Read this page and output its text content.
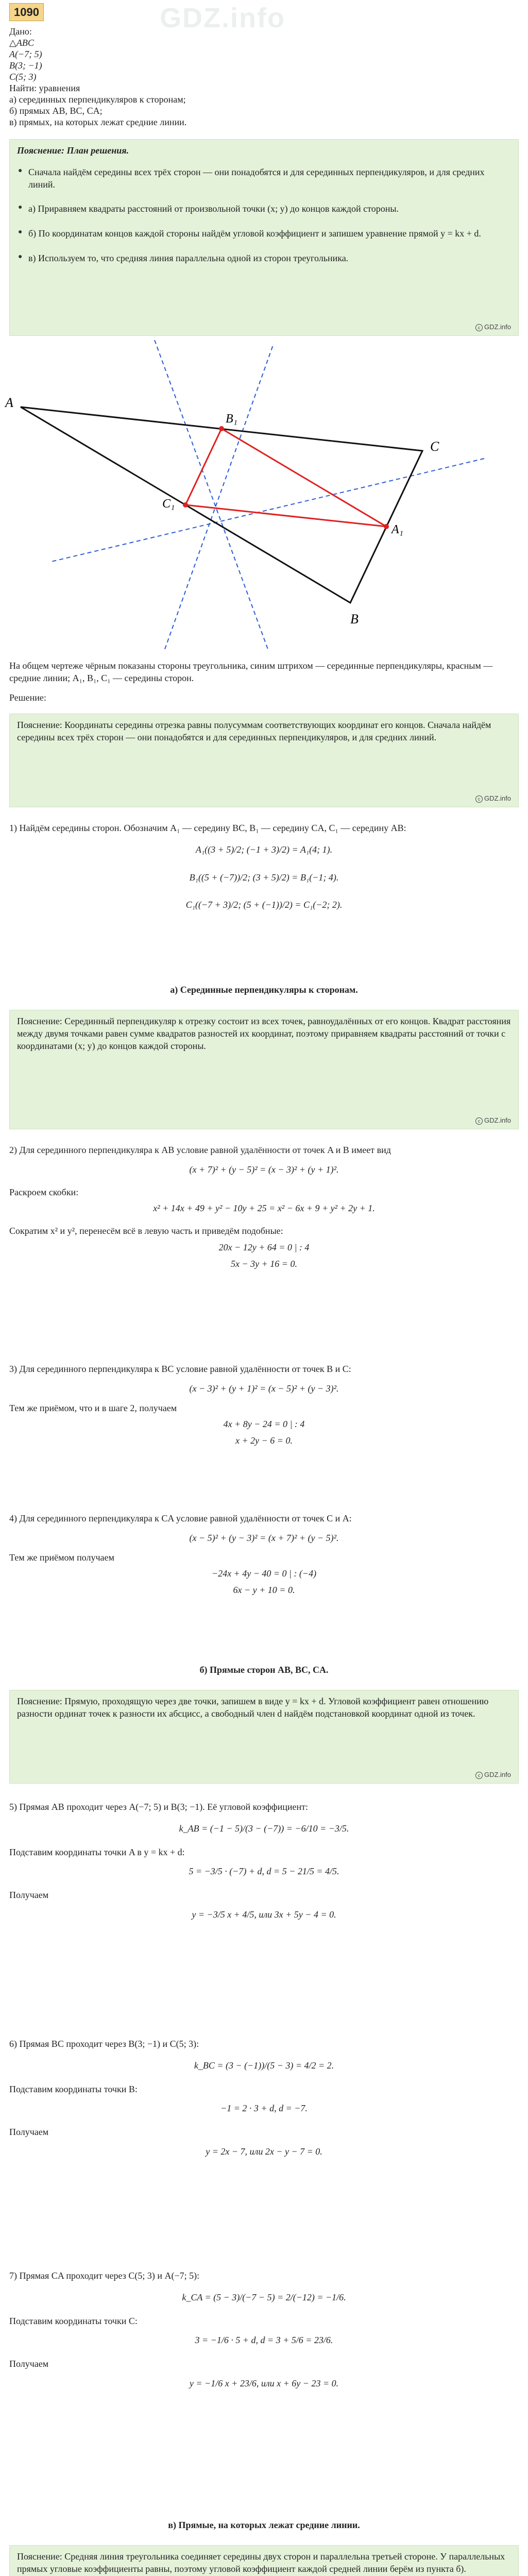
1090	GDZ.info
Дано:
△ABC
A(−7; 5)
B(3; −1)
C(5; 3)
Найти: уравнения
а) серединных перпендикуляров к сторонам;
б) прямых AB, BC, CA;
в) прямых, на которых лежат средние линии.
Пояснение: План решения.
● Сначала найдём середины всех трёх сторон — они понадобятся и для серединных перпендикуляров, и для средних линий.
● а) Приравняем квадраты расстояний от произвольной точки (x; y) до концов каждой стороны.
● б) По координатам концов каждой стороны найдём угловой коэффициент и запишем уравнение прямой y = kx + d.
● в) Используем то, что средняя линия параллельна одной из сторон треугольника.
c GDZ.info
A
C
B
B₁
C₁
A₁
На общем чертеже чёрным показаны стороны треугольника, синим штрихом — серединные перпендикуляры, красным — средние линии; A₁, B₁, C₁ — середины сторон.
Решение:
Пояснение: Координаты середины отрезка равны полусуммам соответствующих координат его концов. Сначала найдём середины всех трёх сторон — они понадобятся и для серединных перпендикуляров, и для средних линий.
c GDZ.info
1) Найдём середины сторон. Обозначим A₁ — середину BC, B₁ — середину CA, C₁ — середину AB:
A₁((3 + 5)/2; (−1 + 3)/2) = A₁(4; 1).
B₁((5 + (−7))/2; (3 + 5)/2) = B₁(−1; 4).
C₁((−7 + 3)/2; (5 + (−1))/2) = C₁(−2; 2).
а) Серединные перпендикуляры к сторонам.
Пояснение: Серединный перпендикуляр к отрезку состоит из всех точек, равноудалённых от его концов. Квадрат расстояния между двумя точками равен сумме квадратов разностей их координат, поэтому приравняем квадраты расстояний от точки с координатами (x; y) до концов каждой стороны.
c GDZ.info
2) Для серединного перпендикуляра к AB условие равной удалённости от точек A и B имеет вид
(x + 7)² + (y − 5)² = (x − 3)² + (y + 1)².
Раскроем скобки:
x² + 14x + 49 + y² − 10y + 25 = x² − 6x + 9 + y² + 2y + 1.
Сократим x² и y², перенесём всё в левую часть и приведём подобные:
20x − 12y + 64 = 0 | : 4
5x − 3y + 16 = 0.
3) Для серединного перпендикуляра к BC условие равной удалённости от точек B и C:
(x − 3)² + (y + 1)² = (x − 5)² + (y − 3)².
Тем же приёмом, что и в шаге 2, получаем
4x + 8y − 24 = 0 | : 4
x + 2y − 6 = 0.
4) Для серединного перпендикуляра к CA условие равной удалённости от точек C и A:
(x − 5)² + (y − 3)² = (x + 7)² + (y − 5)².
Тем же приёмом получаем
−24x + 4y − 40 = 0 | : (−4)
6x − y + 10 = 0.
б) Прямые сторон AB, BC, CA.
Пояснение: Прямую, проходящую через две точки, запишем в виде y = kx + d. Угловой коэффициент равен отношению разности ординат точек к разности их абсцисс, а свободный член d найдём подстановкой координат одной из точек.
c GDZ.info
5) Прямая AB проходит через A(−7; 5) и B(3; −1). Её угловой коэффициент:
k_AB = (−1 − 5)/(3 − (−7)) = −6/10 = −3/5.
Подставим координаты точки A в y = kx + d:
5 = −3/5 · (−7) + d, d = 5 − 21/5 = 4/5.
Получаем
y = −3/5 x + 4/5, или 3x + 5y − 4 = 0.
6) Прямая BC проходит через B(3; −1) и C(5; 3):
k_BC = (3 − (−1))/(5 − 3) = 4/2 = 2.
Подставим координаты точки B:
−1 = 2 · 3 + d, d = −7.
Получаем
y = 2x − 7, или 2x − y − 7 = 0.
7) Прямая CA проходит через C(5; 3) и A(−7; 5):
k_CA = (5 − 3)/(−7 − 5) = 2/(−12) = −1/6.
Подставим координаты точки C:
3 = −1/6 · 5 + d, d = 3 + 5/6 = 23/6.
Получаем
y = −1/6 x + 23/6, или x + 6y − 23 = 0.
в) Прямые, на которых лежат средние линии.
Пояснение: Средняя линия треугольника соединяет середины двух сторон и параллельна третьей стороне. У параллельных прямых угловые коэффициенты равны, поэтому угловой коэффициент каждой средней линии берём из пункта б).
